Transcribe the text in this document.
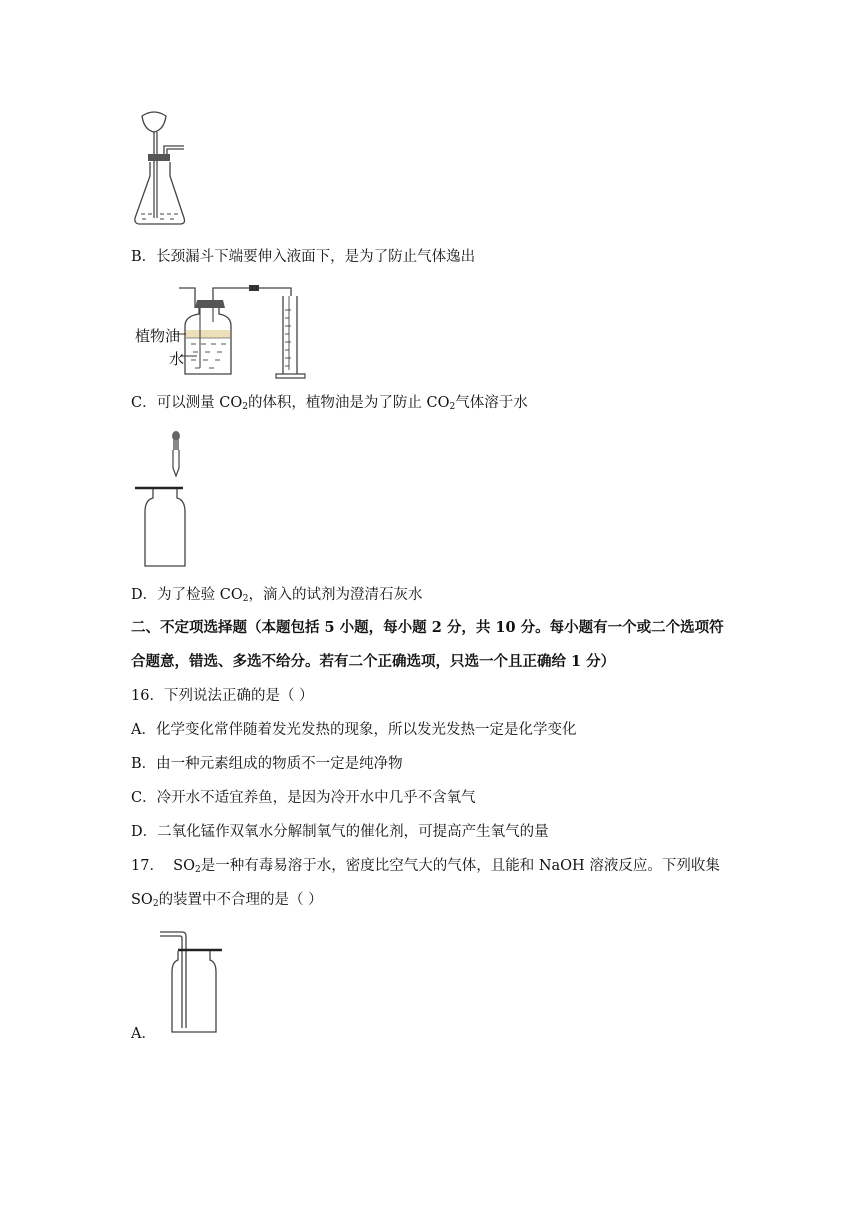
B．长颈漏斗下端要伸入液面下，是为了防止气体逸出
植物油
水
C．可以测量 $CO_2$的体积，植物油是为了防止 $CO_2$气体溶于水
D．为了检验 $CO_2$，滴入的试剂为澄清石灰水
二、不定项选择题（本题包括 5 小题，每小题 2 分，共 10 分。每小题有一个或二个选项符
合题意，错选、多选不给分。若有二个正确选项，只选一个且正确给 1 分）
16．下列说法正确的是（ ）
A．化学变化常伴随着发光发热的现象，所以发光发热一定是化学变化
B．由一种元素组成的物质不一定是纯净物
C．冷开水不适宜养鱼，是因为冷开水中几乎不含氧气
D．二氧化锰作双氧水分解制氧气的催化剂，可提高产生氧气的量
17． $SO_2$是一种有毒易溶于水，密度比空气大的气体，且能和 NaOH 溶液反应。下列收集
$SO_2$的装置中不合理的是（ ）
A．
